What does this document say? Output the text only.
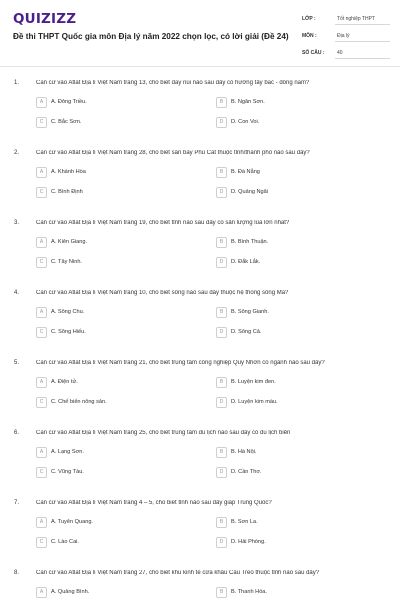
QUIZIZZ
Đề thi THPT Quốc gia môn Địa lý năm 2022 chọn lọc, có lời giải (Đề 24)
LỚP :	Tốt nghiệp THPT
MÔN :	Địa lý
SỐ CÂU :	40
1.	Căn cứ vào Atlat Địa lí Việt Nam trang 13, cho biết dãy núi nào sau đây có hướng tây bắc - đông nam?
A	A. Đông Triều.	B	B. Ngân Sơn.
C	C. Bắc Sơn.	D	D. Con Voi.
2.	Căn cứ vào Atlat Địa lí Việt Nam trang 28, cho biết sân bay Phù Cát thuộc tỉnh/thành phố nào sau đây?
A	A. Khánh Hòa	B	B. Đà Nẵng
C	C. Bình Định	D	D. Quảng Ngãi
3.	Căn cứ vào Atlat Địa lí Việt Nam trang 19, cho biết tỉnh nào sau đây có sản lượng lúa lớn nhất?
A	A. Kiên Giang.	B	B. Bình Thuận.
C	C. Tây Ninh.	D	D. Đắk Lắk.
4.	Căn cứ vào Atlat Địa lí Việt Nam trang 10, cho biết sông nào sau đây thuộc hệ thống sông Mã?
A	A. Sông Chu.	B	B. Sông Gianh.
C	C. Sông Hiếu.	D	D. Sông Cả.
5.	Căn cứ vào Atlat Địa lí Việt Nam trang 21, cho biết trung tâm công nghiệp Quy Nhơn có ngành nào sau đây?
A	A. Điện tử.	B	B. Luyện kim đen.
C	C. Chế biến nông sản.	D	D. Luyện kim màu.
6.	Căn cứ vào Atlat Địa lí Việt Nam trang 25, cho biết trung tâm du lịch nào sau đây có du lịch biển
A	A. Lạng Sơn.	B	B. Hà Nội.
C	C. Vũng Tàu.	D	D. Cần Thơ.
7.	Căn cứ vào Atlat Địa lí Việt Nam trang 4 – 5, cho biết tỉnh nào sau đây giáp Trung Quốc?
A	A. Tuyên Quang.	B	B. Sơn La.
C	C. Lào Cai.	D	D. Hải Phòng.
8.	Căn cứ vào Atlat Địa lí Việt Nam trang 27, cho biết khu kinh tế cửa khẩu Cầu Treo thuộc tỉnh nào sau đây?
A	A. Quảng Bình.	B	B. Thanh Hóa.
